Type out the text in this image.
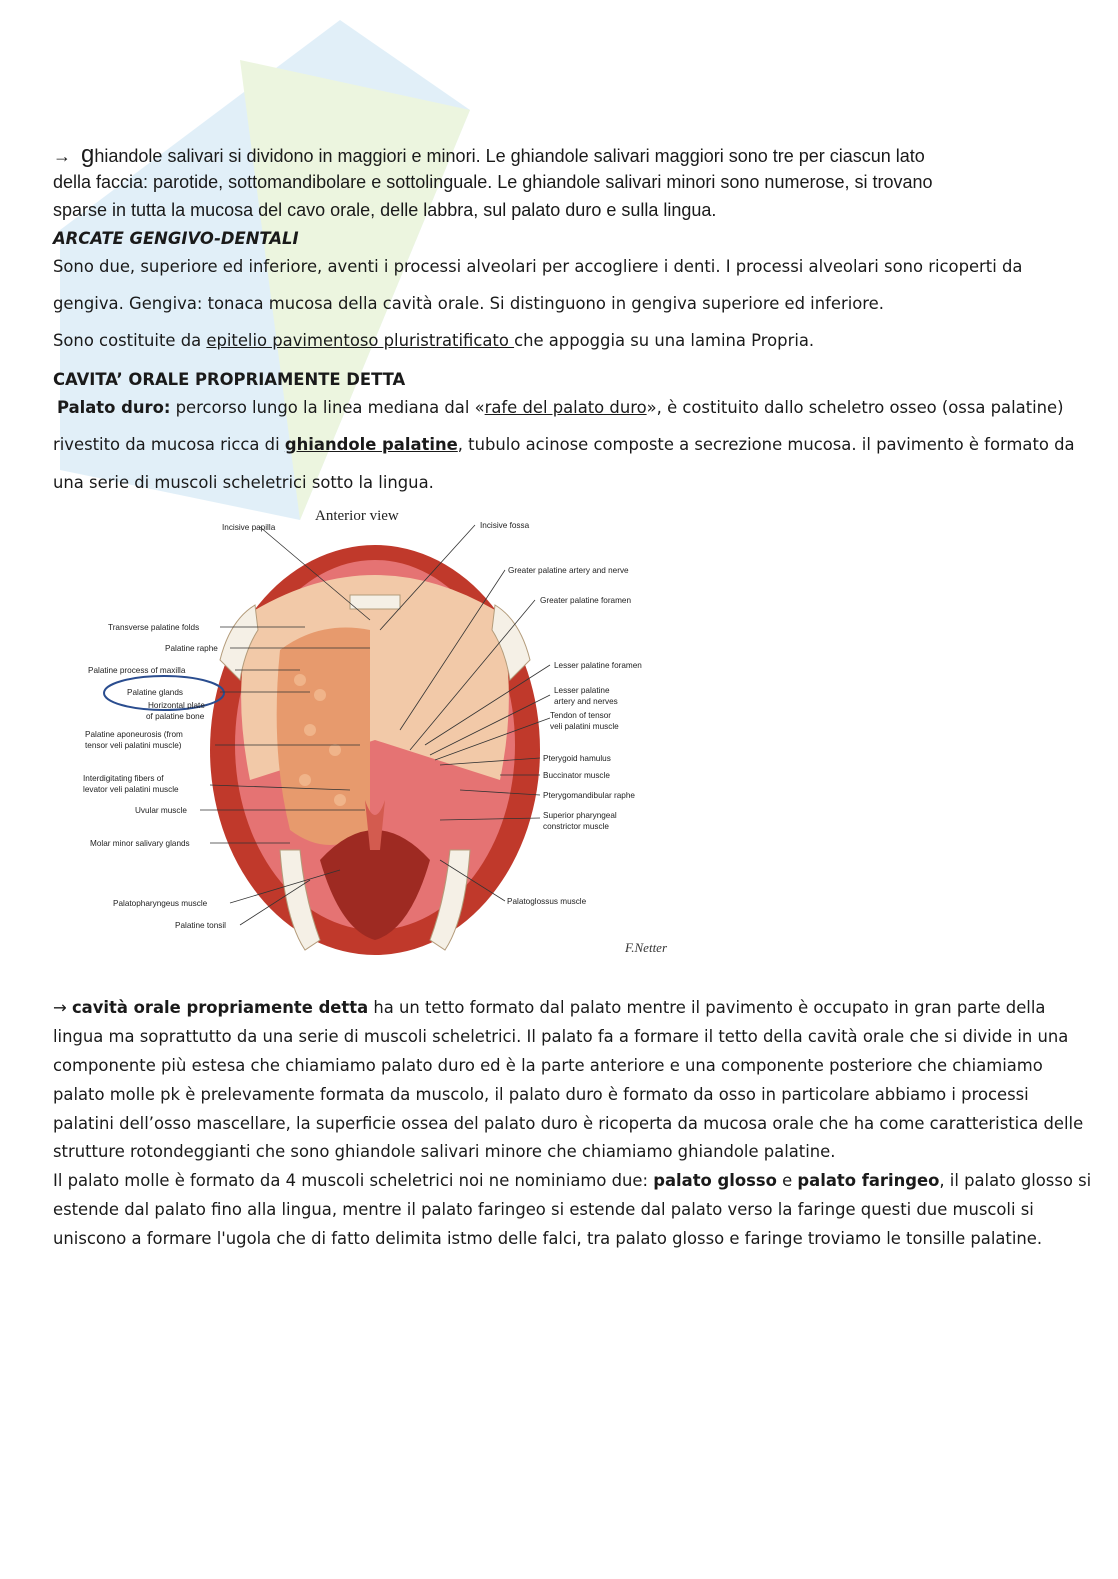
→ ghiandole salivari si dividono in maggiori e minori. Le ghiandole salivari maggiori sono tre per ciascun lato
della faccia: parotide, sottomandibolare e sottolinguale. Le ghiandole salivari minori sono numerose, si trovano
sparse in tutta la mucosa del cavo orale, delle labbra, sul palato duro e sulla lingua.
ARCATE GENGIVO-DENTALI
Sono due, superiore ed inferiore, aventi i processi alveolari per accogliere i denti. I processi alveolari sono ricoperti da
gengiva. Gengiva: tonaca mucosa della cavità orale. Si distinguono in gengiva superiore ed inferiore.
Sono costituite da epitelio pavimentoso pluristratificato che appoggia su una lamina Propria.
CAVITA’ ORALE PROPRIAMENTE DETTA
Palato duro: percorso lungo la linea mediana dal «rafe del palato duro», è costituito dallo scheletro osseo (ossa palatine)
rivestito da mucosa ricca di ghiandole palatine, tubulo acinose composte a secrezione mucosa. il pavimento è formato da
una serie di muscoli scheletrici sotto la lingua.
Anterior view
Incisive papilla
Transverse palatine folds
Palatine raphe
Palatine process of maxilla
Palatine glands
Horizontal plate
of palatine bone
Palatine aponeurosis (from
tensor veli palatini muscle)
Interdigitating fibers of
levator veli palatini muscle
Uvular muscle
Molar minor salivary glands
Palatopharyngeus muscle
Palatine tonsil
Incisive fossa
Greater palatine artery and nerve
Greater palatine foramen
Lesser palatine foramen
Lesser palatine
artery and nerves
Tendon of tensor
veli palatini muscle
Pterygoid hamulus
Buccinator muscle
Pterygomandibular raphe
Superior pharyngeal
constrictor muscle
Palatoglossus muscle
F.Netter
→ cavità orale propriamente detta ha un tetto formato dal palato mentre il pavimento è occupato in gran parte della
lingua ma soprattutto da una serie di muscoli scheletrici. Il palato fa a formare il tetto della cavità orale che si divide in una
componente più estesa che chiamiamo palato duro ed è la parte anteriore e una componente posteriore che chiamiamo
palato molle pk è prelevamente formata da muscolo, il palato duro è formato da osso in particolare abbiamo i processi
palatini dell’osso mascellare, la superficie ossea del palato duro è ricoperta da mucosa orale che ha come caratteristica delle
strutture rotondeggianti che sono ghiandole salivari minore che chiamiamo ghiandole palatine.
Il palato molle è formato da 4 muscoli scheletrici noi ne nominiamo due: palato glosso e palato faringeo, il palato glosso si
estende dal palato fino alla lingua, mentre il palato faringeo si estende dal palato verso la faringe questi due muscoli si
uniscono a formare l'ugola che di fatto delimita istmo delle falci, tra palato glosso e faringe troviamo le tonsille palatine.
